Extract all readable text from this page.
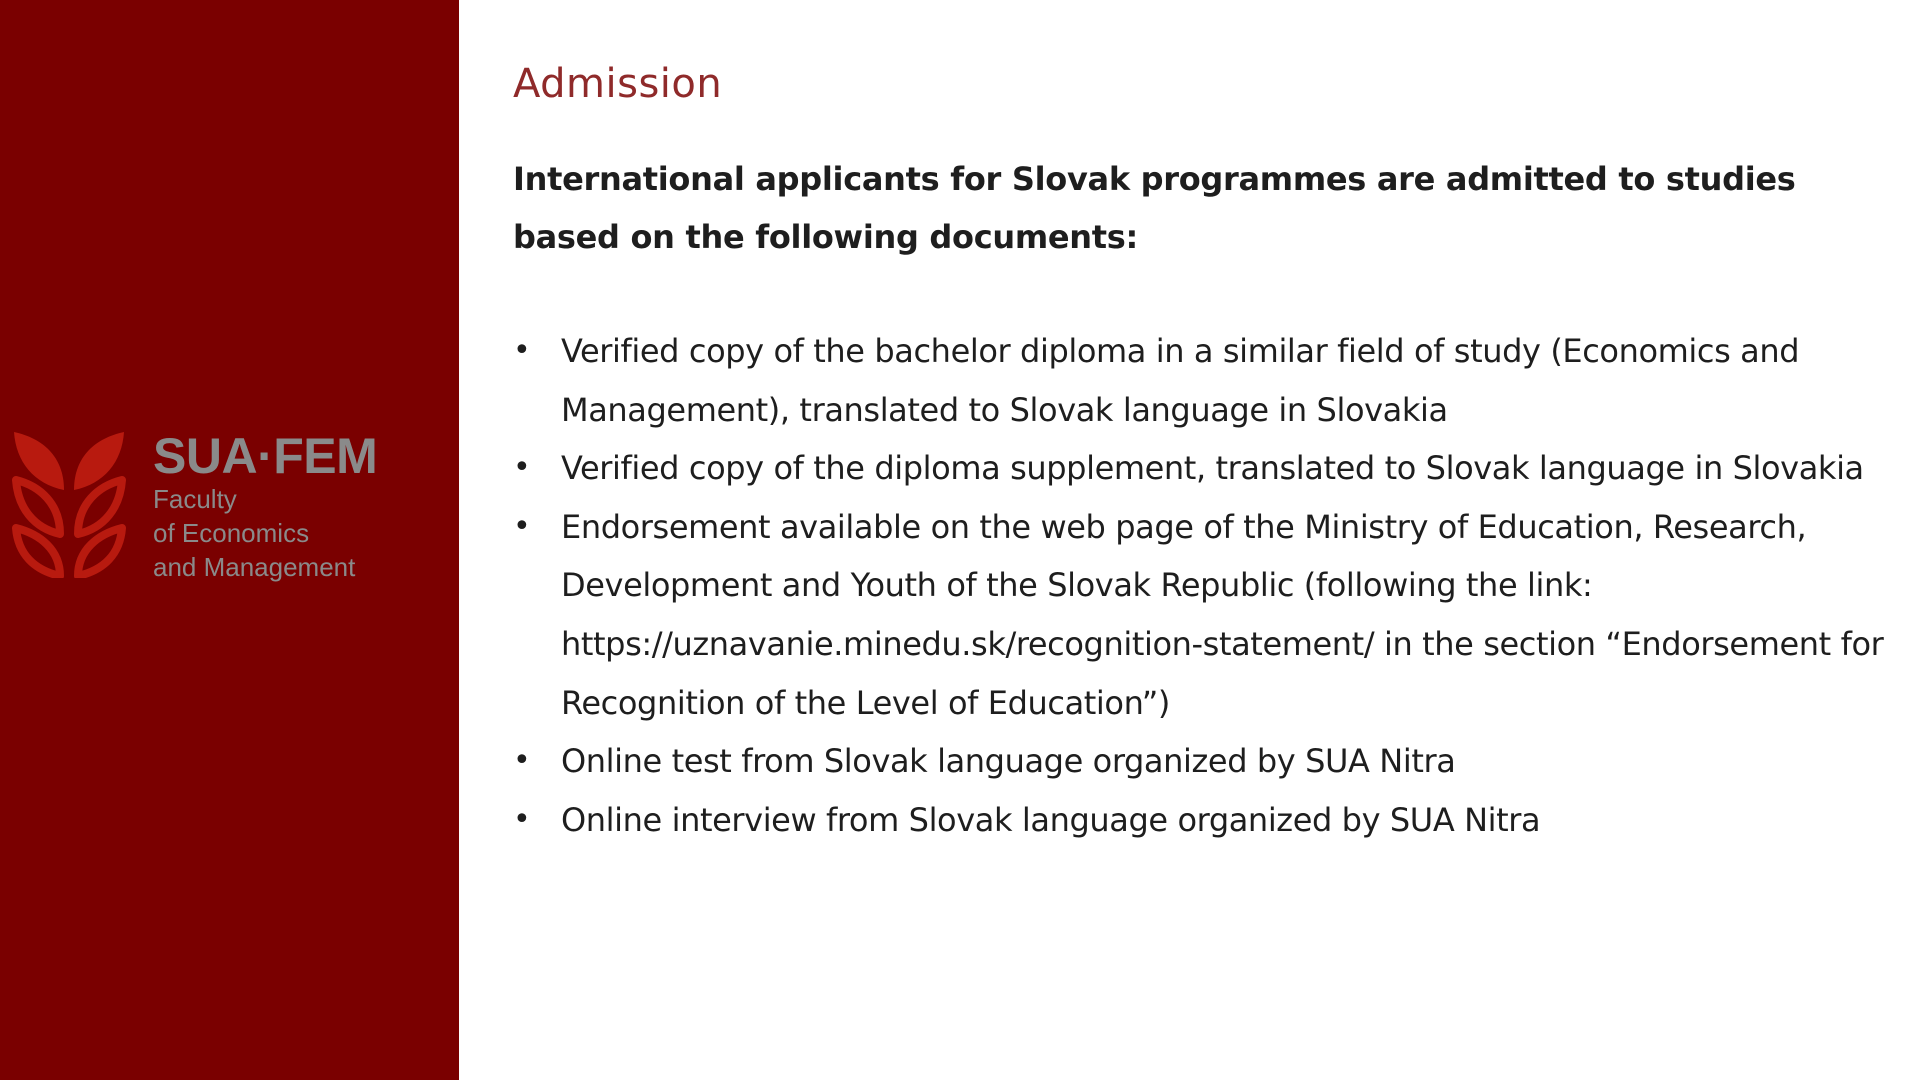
SUA·FEM
Faculty
of Economics
and Management
Admission

International applicants for Slovak programmes are admitted to studies based on the following documents:

• Verified copy of the bachelor diploma in a similar field of study (Economics and Management), translated to Slovak language in Slovakia
• Verified copy of the diploma supplement, translated to Slovak language in Slovakia
• Endorsement available on the web page of the Ministry of Education, Research, Development and Youth of the Slovak Republic (following the link: https://uznavanie.minedu.sk/recognition-statement/ in the section “Endorsement for Recognition of the Level of Education”)
• Online test from Slovak language organized by SUA Nitra
• Online interview from Slovak language organized by SUA Nitra
